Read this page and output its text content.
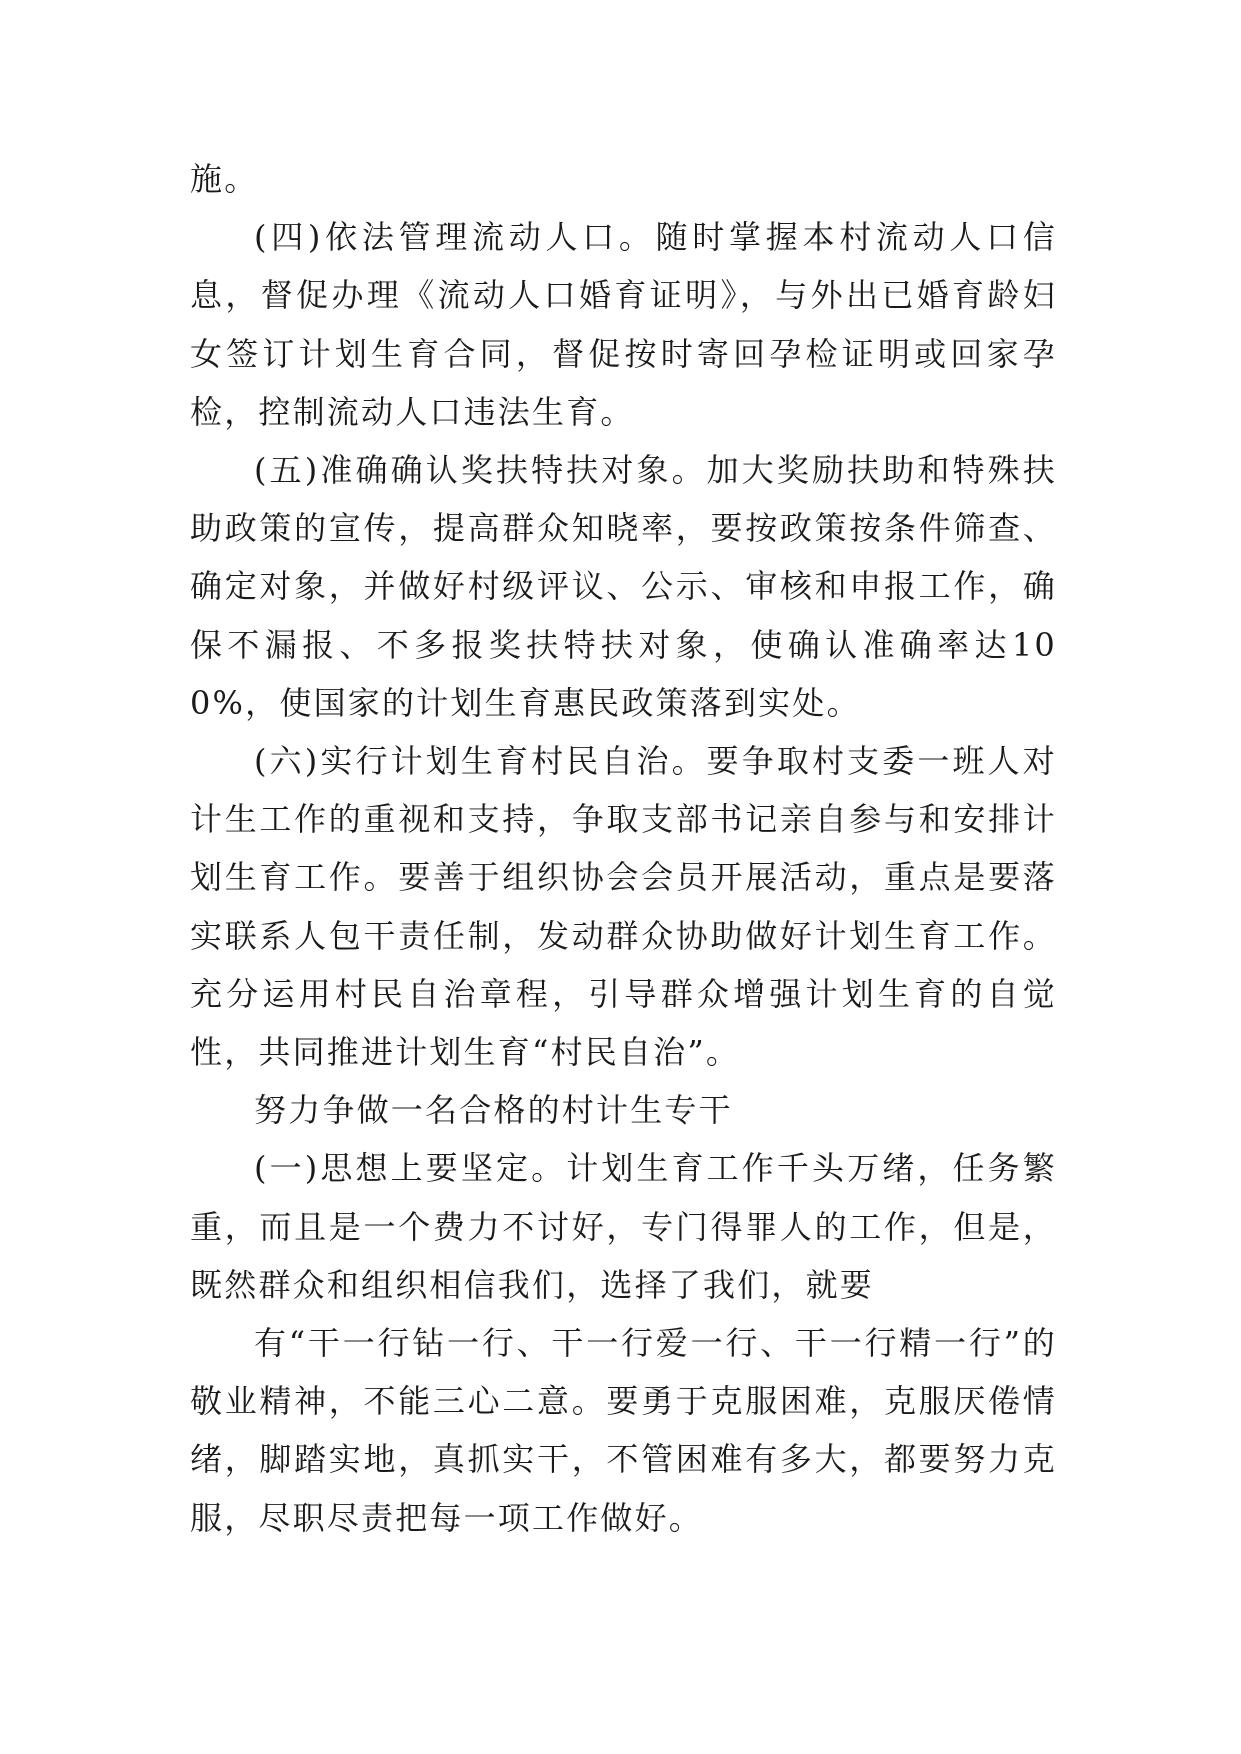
施。

(四)依法管理流动人口。随时掌握本村流动人口信息，督促办理《流动人口婚育证明》，与外出已婚育龄妇女签订计划生育合同，督促按时寄回孕检证明或回家孕检，控制流动人口违法生育。

(五)准确确认奖扶特扶对象。加大奖励扶助和特殊扶助政策的宣传，提高群众知晓率，要按政策按条件筛查、确定对象，并做好村级评议、公示、审核和申报工作，确保不漏报、不多报奖扶特扶对象，使确认准确率达100%，使国家的计划生育惠民政策落到实处。

(六)实行计划生育村民自治。要争取村支委一班人对计生工作的重视和支持，争取支部书记亲自参与和安排计划生育工作。要善于组织协会会员开展活动，重点是要落实联系人包干责任制，发动群众协助做好计划生育工作。充分运用村民自治章程，引导群众增强计划生育的自觉性，共同推进计划生育“村民自治”。

努力争做一名合格的村计生专干

(一)思想上要坚定。计划生育工作千头万绪，任务繁重，而且是一个费力不讨好，专门得罪人的工作，但是，既然群众和组织相信我们，选择了我们，就要

有“干一行钻一行、干一行爱一行、干一行精一行”的敬业精神，不能三心二意。要勇于克服困难，克服厌倦情绪，脚踏实地，真抓实干，不管困难有多大，都要努力克服，尽职尽责把每一项工作做好。
